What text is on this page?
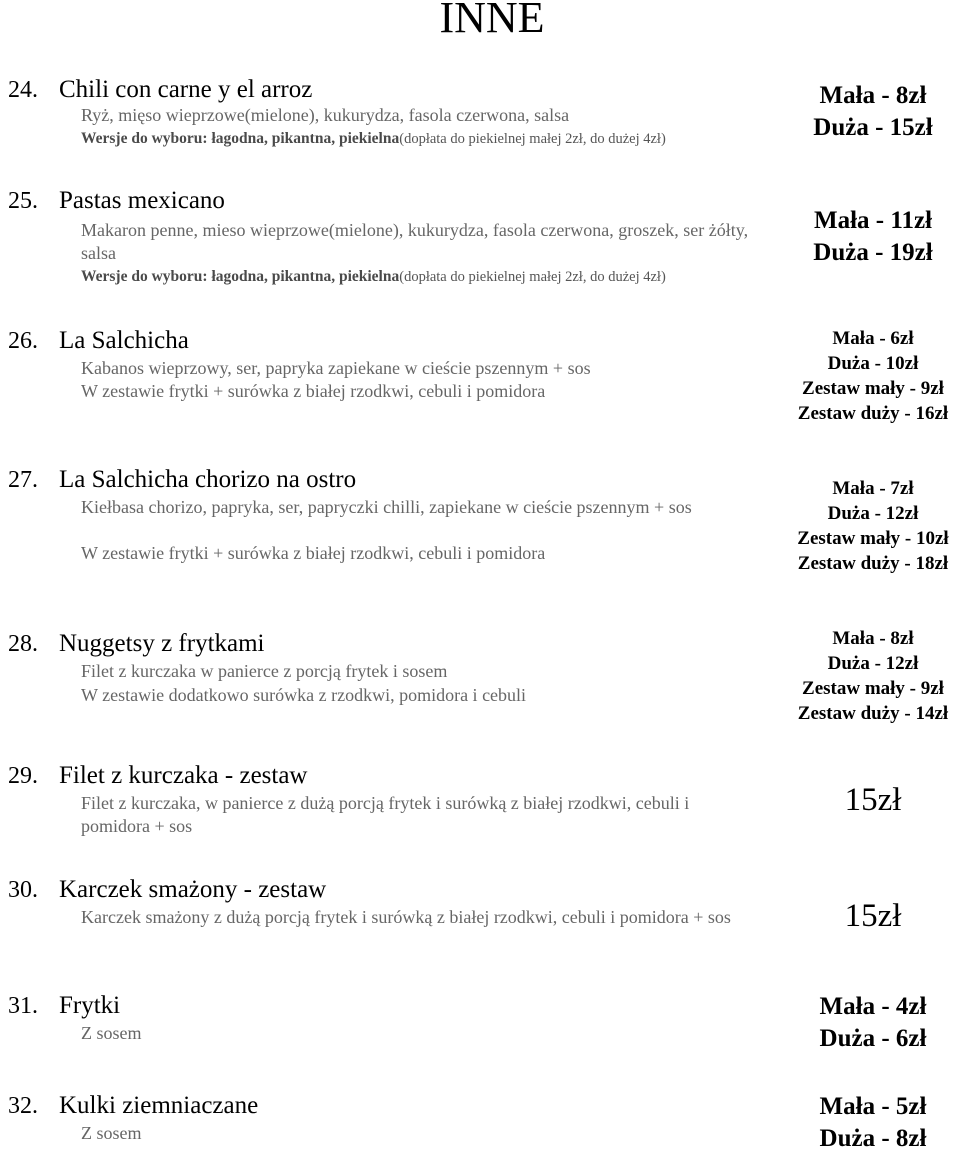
INNE
24. Chili con carne y el arroz
Ryż, mięso wieprzowe(mielone), kukurydza, fasola czerwona, salsa
Wersje do wyboru: łagodna, pikantna, piekielna(dopłata do piekielnej małej 2zł, do dużej 4zł)
Mała - 8zł
Duża - 15zł
25. Pastas mexicano
Makaron penne, mieso wieprzowe(mielone), kukurydza, fasola czerwona, groszek, ser żółty, salsa
Wersje do wyboru: łagodna, pikantna, piekielna(dopłata do piekielnej małej 2zł, do dużej 4zł)
Mała - 11zł
Duża - 19zł
26. La Salchicha
Kabanos wieprzowy, ser, papryka zapiekane w cieście pszennym + sos
W zestawie frytki + surówka z białej rzodkwi, cebuli i pomidora
Mała - 6zł
Duża - 10zł
Zestaw mały - 9zł
Zestaw duży - 16zł
27. La Salchicha chorizo na ostro
Kiełbasa chorizo, papryka, ser, papryczki chilli, zapiekane w cieście pszennym + sos
W zestawie frytki + surówka z białej rzodkwi, cebuli i pomidora
Mała - 7zł
Duża - 12zł
Zestaw mały - 10zł
Zestaw duży - 18zł
28. Nuggetsy z frytkami
Filet z kurczaka w panierce z porcją frytek i sosem
W zestawie dodatkowo surówka z rzodkwi, pomidora i cebuli
Mała - 8zł
Duża - 12zł
Zestaw mały - 9zł
Zestaw duży - 14zł
29. Filet z kurczaka - zestaw
Filet z kurczaka, w panierce z dużą porcją frytek i surówką z białej rzodkwi, cebuli i pomidora + sos
15zł
30. Karczek smażony - zestaw
Karczek smażony z dużą porcją frytek i surówką z białej rzodkwi, cebuli i pomidora + sos	15zł
31. Frytki
Z sosem
Mała - 4zł
Duża - 6zł
32. Kulki ziemniaczane
Z sosem
Mała - 5zł
Duża - 8zł
